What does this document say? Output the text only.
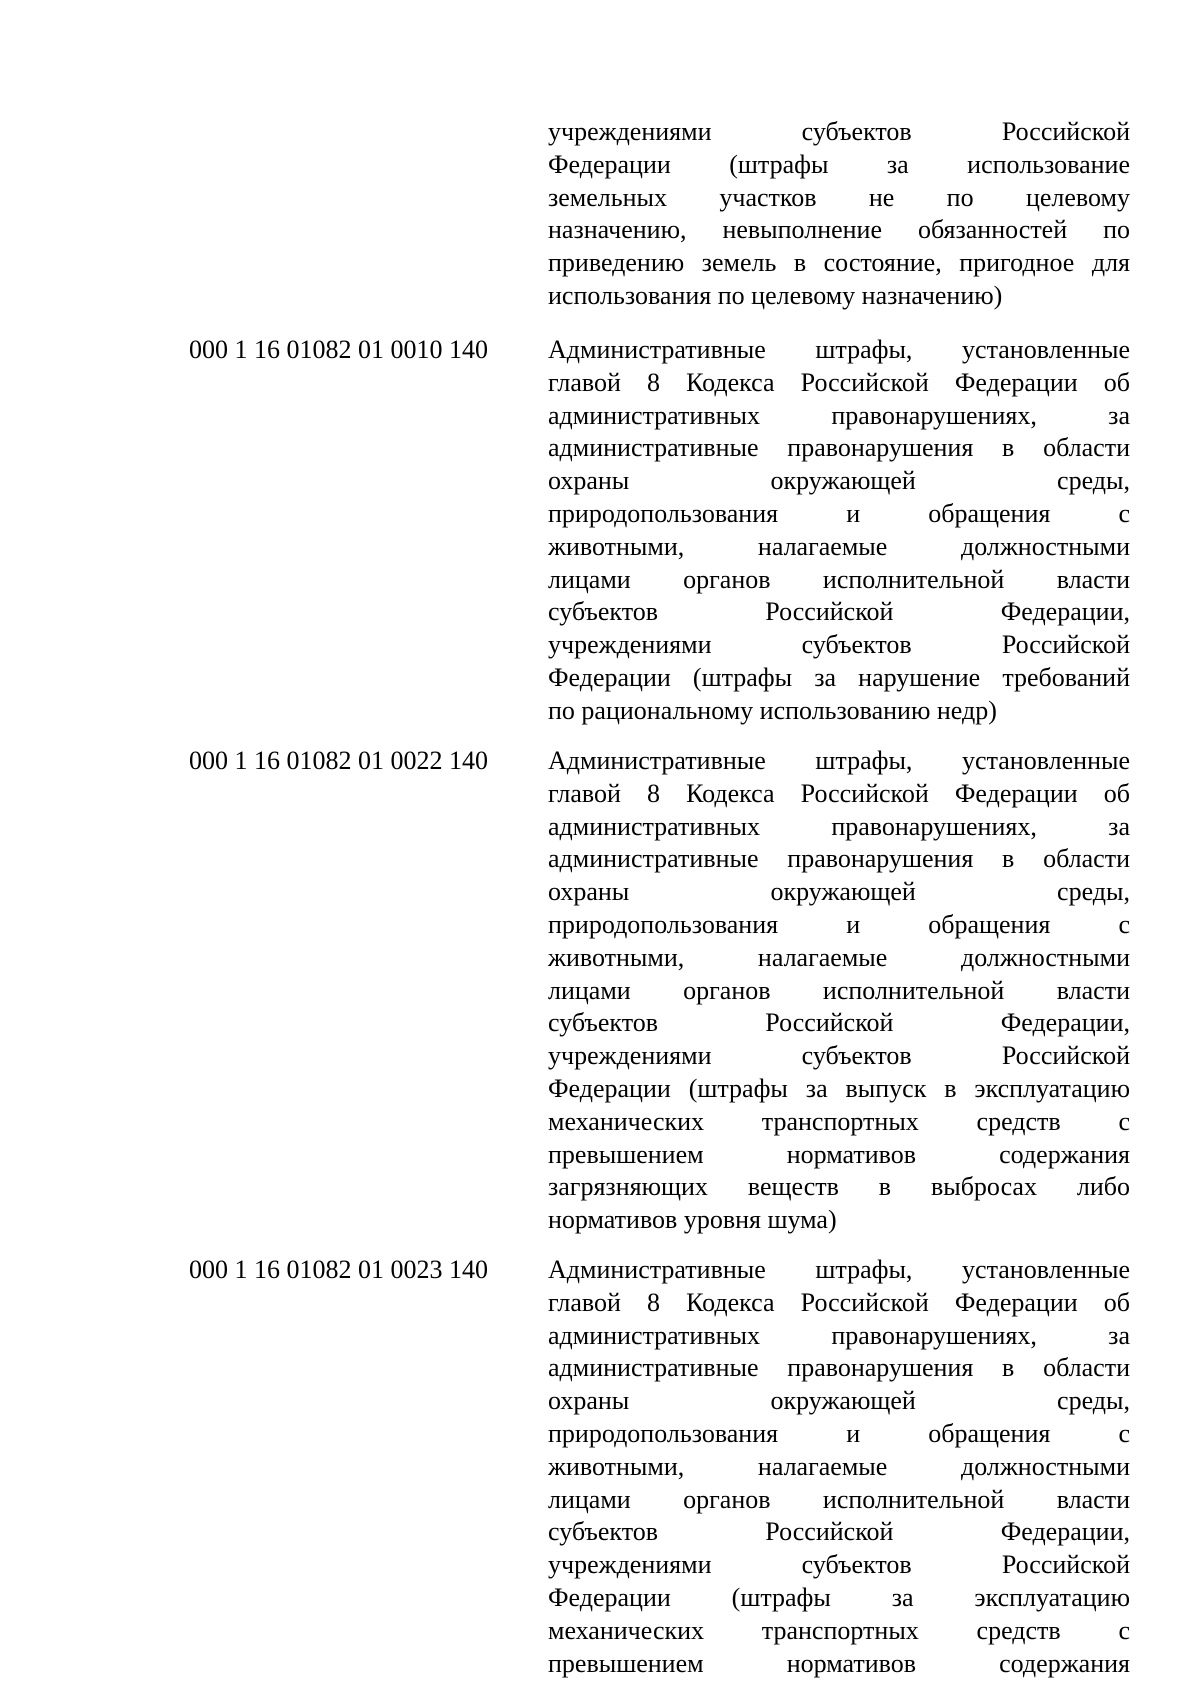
учреждениями субъектов Российской
Федерации (штрафы за использование
земельных участков не по целевому
назначению, невыполнение обязанностей по
приведению земель в состояние, пригодное для
использования по целевому назначению)
000 1 16 01082 01 0010 140	Административные штрафы, установленные
главой 8 Кодекса Российской Федерации об
административных правонарушениях, за
административные правонарушения в области
охраны окружающей среды,
природопользования и обращения с
животными, налагаемые должностными
лицами органов исполнительной власти
субъектов Российской Федерации,
учреждениями субъектов Российской
Федерации (штрафы за нарушение требований
по рациональному использованию недр)
000 1 16 01082 01 0022 140	Административные штрафы, установленные
главой 8 Кодекса Российской Федерации об
административных правонарушениях, за
административные правонарушения в области
охраны окружающей среды,
природопользования и обращения с
животными, налагаемые должностными
лицами органов исполнительной власти
субъектов Российской Федерации,
учреждениями субъектов Российской
Федерации (штрафы за выпуск в эксплуатацию
механических транспортных средств с
превышением нормативов содержания
загрязняющих веществ в выбросах либо
нормативов уровня шума)
000 1 16 01082 01 0023 140	Административные штрафы, установленные
главой 8 Кодекса Российской Федерации об
административных правонарушениях, за
административные правонарушения в области
охраны окружающей среды,
природопользования и обращения с
животными, налагаемые должностными
лицами органов исполнительной власти
субъектов Российской Федерации,
учреждениями субъектов Российской
Федерации (штрафы за эксплуатацию
механических транспортных средств с
превышением нормативов содержания
